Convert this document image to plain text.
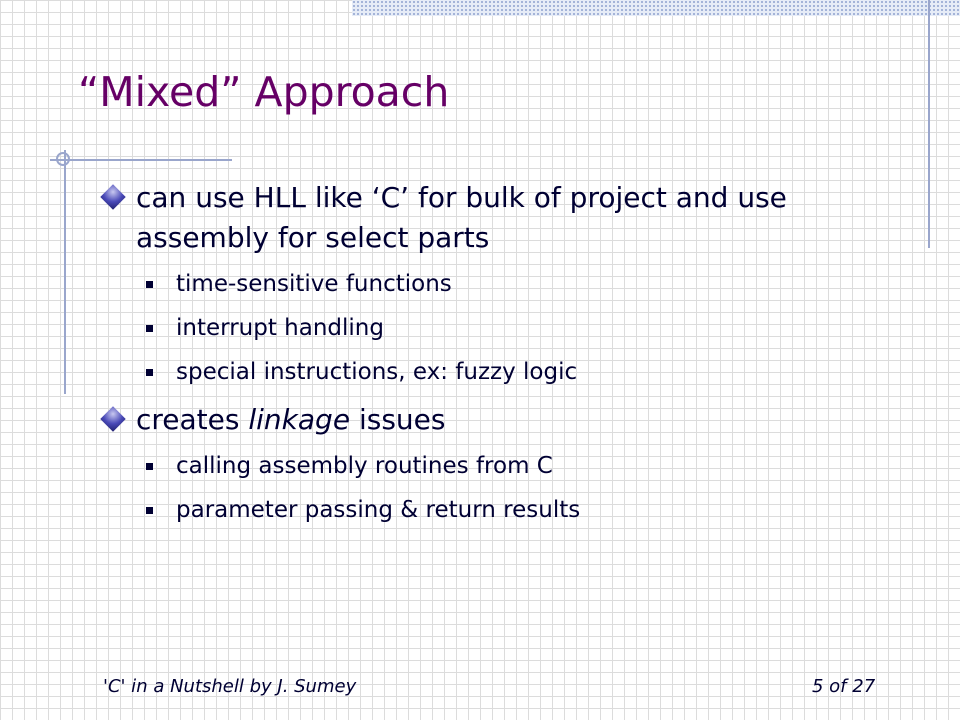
“Mixed” Approach
can use HLL like ‘C’ for bulk of project and use assembly for select parts
time-sensitive functions
interrupt handling
special instructions, ex: fuzzy logic
creates linkage issues
calling assembly routines from C
parameter passing & return results
'C' in a Nutshell by J. Sumey	5 of 27
